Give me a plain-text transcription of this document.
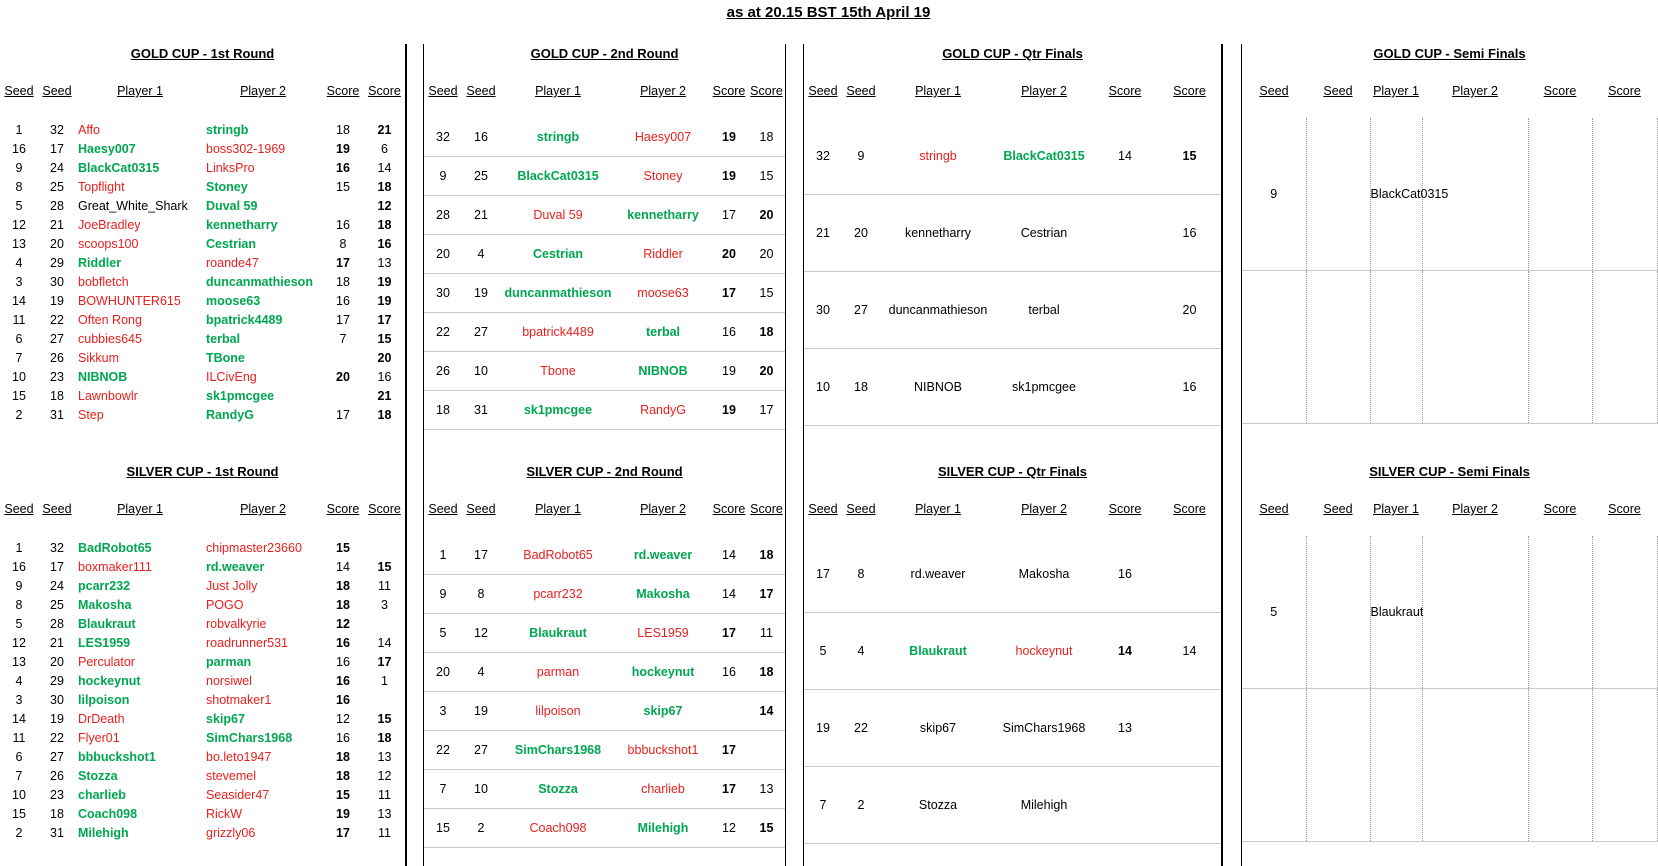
as at 20.15 BST 15th April 19
GOLD CUP - 1st Round
Seed	Seed	Player 1	Player 2	Score	Score
1	32	Affo	stringb	18	21
16	17	Haesy007	boss302-1969	19	6
9	24	BlackCat0315	LinksPro	16	14
8	25	Topflight	Stoney	15	18
5	28	Great_White_Shark	Duval 59		12
12	21	JoeBradley	kennetharry	16	18
13	20	scoops100	Cestrian	8	16
4	29	Riddler	roande47	17	13
3	30	bobfletch	duncanmathieson	18	19
14	19	BOWHUNTER615	moose63	16	19
11	22	Often Rong	bpatrick4489	17	17
6	27	cubbies645	terbal	7	15
7	26	Sikkum	TBone		20
10	23	NIBNOB	ILCivEng	20	16
15	18	Lawnbowlr	sk1pmcgee		21
2	31	Step	RandyG	17	18
GOLD CUP - 2nd Round
Seed	Seed	Player 1	Player 2	Score	Score
32	16	stringb	Haesy007	19	18
9	25	BlackCat0315	Stoney	19	15
28	21	Duval 59	kennetharry	17	20
20	4	Cestrian	Riddler	20	20
30	19	duncanmathieson	moose63	17	15
22	27	bpatrick4489	terbal	16	18
26	10	Tbone	NIBNOB	19	20
18	31	sk1pmcgee	RandyG	19	17
GOLD CUP - Qtr Finals
Seed	Seed	Player 1	Player 2	Score	Score
32	9	stringb	BlackCat0315	14	15
21	20	kennetharry	Cestrian		16
30	27	duncanmathieson	terbal		20
10	18	NIBNOB	sk1pmcgee		16
GOLD CUP - Semi Finals
Seed	Seed	Player 1	Player 2	Score	Score
9		BlackCat0315			

SILVER CUP - 1st Round
Seed	Seed	Player 1	Player 2	Score	Score
1	32	BadRobot65	chipmaster23660	15	
16	17	boxmaker111	rd.weaver	14	15
9	24	pcarr232	Just Jolly	18	11
8	25	Makosha	POGO	18	3
5	28	Blaukraut	robvalkyrie	12	
12	21	LES1959	roadrunner531	16	14
13	20	Perculator	parman	16	17
4	29	hockeynut	norsiwel	16	1
3	30	lilpoison	shotmaker1	16	
14	19	DrDeath	skip67	12	15
11	22	Flyer01	SimChars1968	16	18
6	27	bbbuckshot1	bo.leto1947	18	13
7	26	Stozza	stevemel	18	12
10	23	charlieb	Seasider47	15	11
15	18	Coach098	RickW	19	13
2	31	Milehigh	grizzly06	17	11
SILVER CUP - 2nd Round
Seed	Seed	Player 1	Player 2	Score	Score
1	17	BadRobot65	rd.weaver	14	18
9	8	pcarr232	Makosha	14	17
5	12	Blaukraut	LES1959	17	11
20	4	parman	hockeynut	16	18
3	19	lilpoison	skip67		14
22	27	SimChars1968	bbbuckshot1	17	
7	10	Stozza	charlieb	17	13
15	2	Coach098	Milehigh	12	15
SILVER CUP - Qtr Finals
Seed	Seed	Player 1	Player 2	Score	Score
17	8	rd.weaver	Makosha	16	
5	4	Blaukraut	hockeynut	14	14
19	22	skip67	SimChars1968	13	
7	2	Stozza	Milehigh		
SILVER CUP - Semi Finals
Seed	Seed	Player 1	Player 2	Score	Score
5		Blaukraut			
